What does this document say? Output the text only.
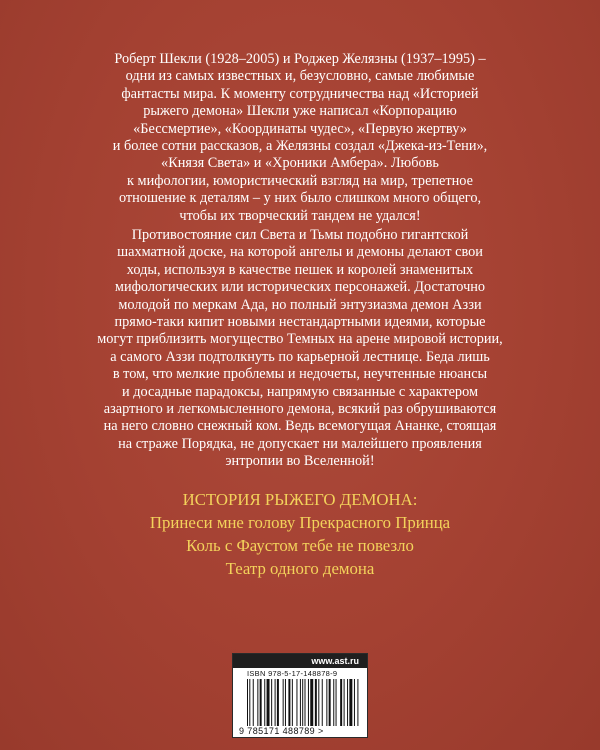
Роберт Шекли (1928–2005) и Роджер Желязны (1937–1995) –
одни из самых известных и, безусловно, самые любимые
фантасты мира. К моменту сотрудничества над «Историей
рыжего демона» Шекли уже написал «Корпорацию
«Бессмертие», «Координаты чудес», «Первую жертву»
и более сотни рассказов, а Желязны создал «Джека-из-Тени»,
«Князя Света» и «Хроники Амбера». Любовь
к мифологии, юмористический взгляд на мир, трепетное
отношение к деталям – у них было слишком много общего,
чтобы их творческий тандем не удался!

Противостояние сил Света и Тьмы подобно гигантской
шахматной доске, на которой ангелы и демоны делают свои
ходы, используя в качестве пешек и королей знаменитых
мифологических или исторических персонажей. Достаточно
молодой по меркам Ада, но полный энтузиазма демон Аззи
прямо-таки кипит новыми нестандартными идеями, которые
могут приблизить могущество Темных на арене мировой истории,
а самого Аззи подтолкнуть по карьерной лестнице. Беда лишь
в том, что мелкие проблемы и недочеты, неучтенные нюансы
и досадные парадоксы, напрямую связанные с характером
азартного и легкомысленного демона, всякий раз обрушиваются
на него словно снежный ком. Ведь всемогущая Ананке, стоящая
на страже Порядка, не допускает ни малейшего проявления
энтропии во Вселенной!

ИСТОРИЯ РЫЖЕГО ДЕМОНА:
Принеси мне голову Прекрасного Принца
Коль с Фаустом тебе не повезло
Театр одного демона
www.ast.ru
ISBN 978-5-17-148878-9
9 785171 488789 >
